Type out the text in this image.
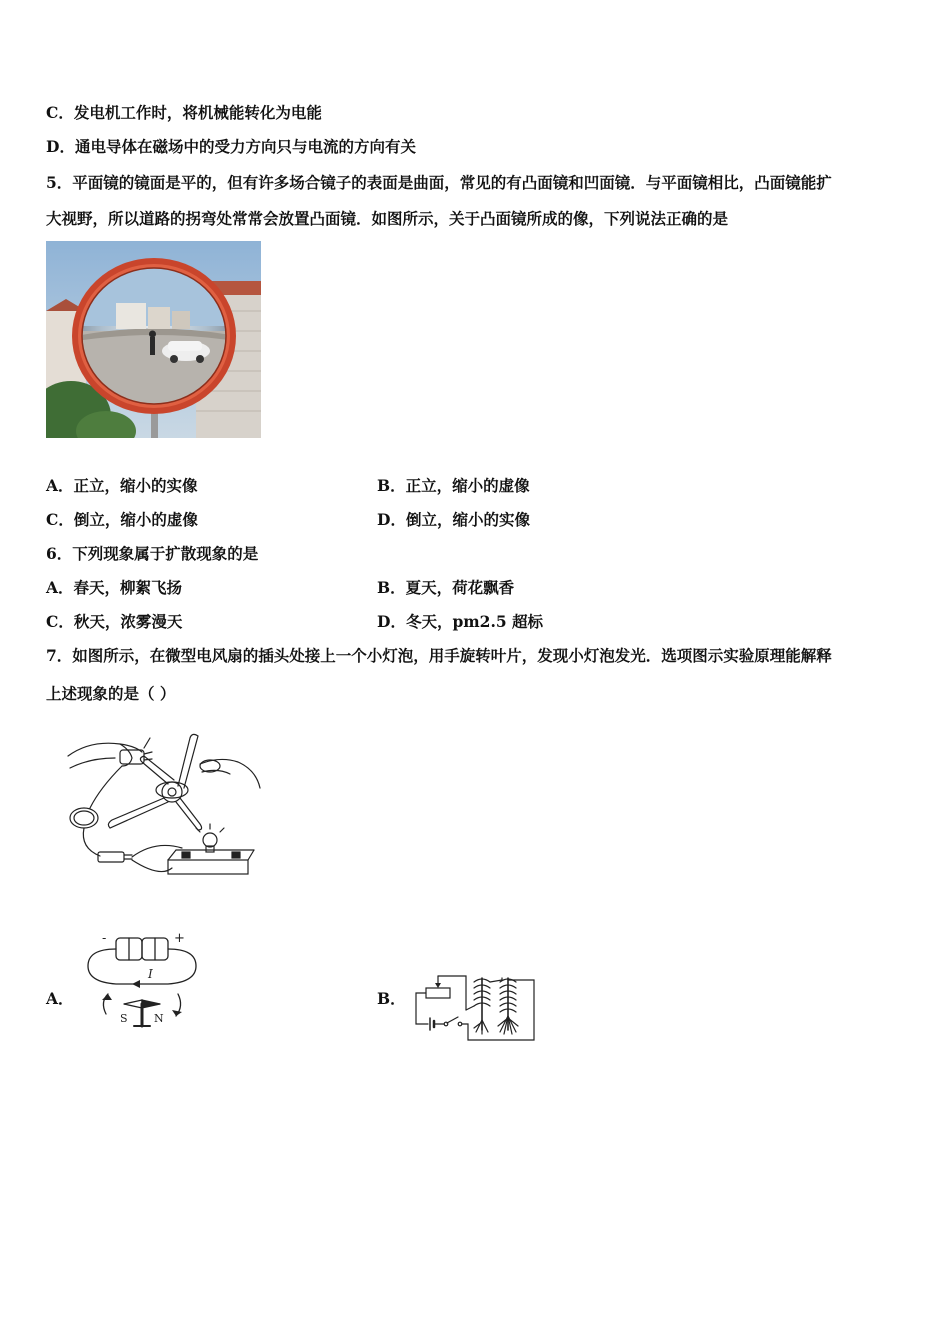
C．发电机工作时，将机械能转化为电能
D．通电导体在磁场中的受力方向只与电流的方向有关
5．平面镜的镜面是平的，但有许多场合镜子的表面是曲面，常见的有凸面镜和凹面镜．与平面镜相比，凸面镜能扩
大视野，所以道路的拐弯处常常会放置凸面镜．如图所示，关于凸面镜所成的像，下列说法正确的是
A．正立，缩小的实像	B．正立，缩小的虚像
C．倒立，缩小的虚像	D．倒立，缩小的实像
6．下列现象属于扩散现象的是
A．春天，柳絮飞扬	B．夏天，荷花飘香
C．秋天，浓雾漫天	D．冬天，pm2.5 超标
7．如图所示，在微型电风扇的插头处接上一个小灯泡，用手旋转叶片，发现小灯泡发光．选项图示实验原理能解释
上述现象的是（ ）
A．
-	+
I
S N
B．
